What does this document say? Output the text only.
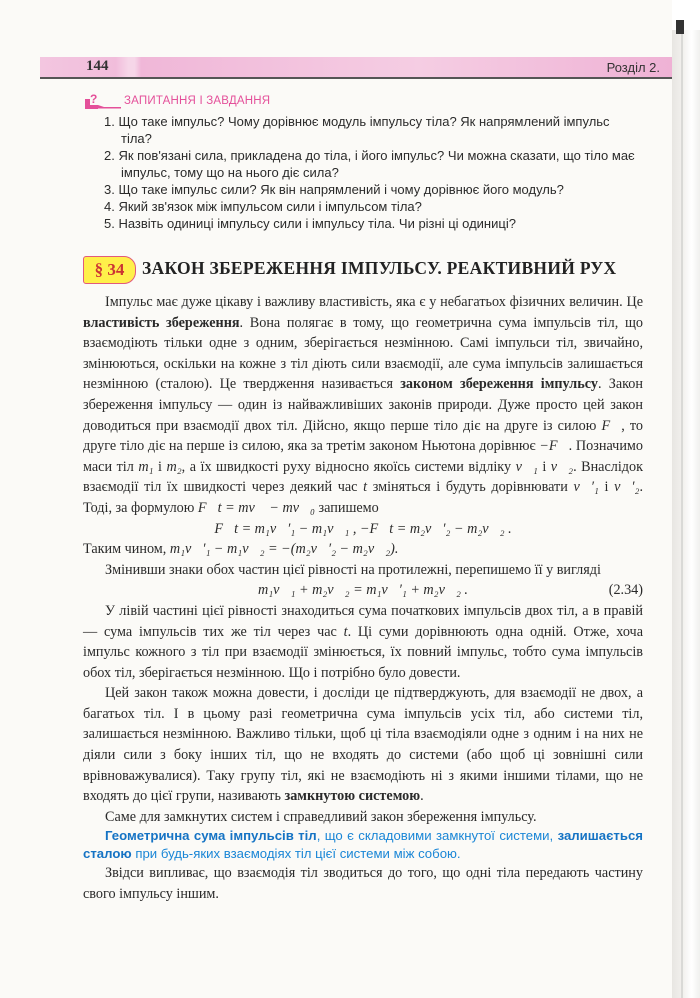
144	Розділ 2.
? ЗАПИТАННЯ І ЗАВДАННЯ
1. Що таке імпульс? Чому дорівнює модуль імпульсу тіла? Як напрямлений імпульс тіла?
2. Як пов'язані сила, прикладена до тіла, і його імпульс? Чи можна сказати, що тіло має імпульс, тому що на нього діє сила?
3. Що таке імпульс сили? Як він напрямлений і чому дорівнює його модуль?
4. Який зв'язок між імпульсом сили і імпульсом тіла?
5. Назвіть одиниці імпульсу сили і імпульсу тіла. Чи різні ці одиниці?
§ 34	ЗАКОН ЗБЕРЕЖЕННЯ ІМПУЛЬСУ. РЕАКТИВНИЙ РУХ

Імпульс має дуже цікаву і важливу властивість, яка є у небагатьох фізичних величин. Це властивість збереження. Вона полягає в тому, що геометрична сума імпульсів тіл, що взаємодіють тільки одне з одним, зберігається незмінною. Самі імпульси тіл, звичайно, змінюються, оскільки на кожне з тіл діють сили взаємодії, але сума імпульсів залишається незмінною (сталою). Це твердження називається законом збереження імпульсу. Закон збереження імпульсу — один із найважливіших законів природи. Дуже просто цей закон доводиться при взаємодії двох тіл. Дійсно, якщо перше тіло діє на друге із силою F⃗, то друге тіло діє на перше із силою, яка за третім законом Ньютона дорівнює −F⃗. Позначимо маси тіл m₁ і m₂, а їх швидкості руху відносно якоїсь системи відліку v⃗₁ і v⃗₂. Внаслідок взаємодії тіл їх швидкості через деякий час t зміняться і будуть дорівнювати v⃗′₁ і v⃗′₂. Тоді, за формулою F⃗t = mv⃗ − mv⃗₀ запишемо

F⃗t = m₁v⃗′₁ − m₁v⃗₁ , −F⃗t = m₂v⃗′₂ − m₂v⃗₂ .

Таким чином, m₁v⃗′₁ − m₁v⃗₂ = −(m₂v⃗′₂ − m₂v⃗₂).

Змінивши знаки обох частин цієї рівності на протилежні, перепишемо її у вигляді

m₁v⃗₁ + m₂v⃗₂ = m₁v⃗′₁ + m₂v⃗₂ .	(2.34)

У лівій частині цієї рівності знаходиться сума початкових імпульсів двох тіл, а в правій — сума імпульсів тих же тіл через час t. Ці суми дорівнюють одна одній. Отже, хоча імпульс кожного з тіл при взаємодії змінюється, їх повний імпульс, тобто сума імпульсів обох тіл, зберігається незмінною. Що і потрібно було довести.

Цей закон також можна довести, і досліди це підтверджують, для взаємодії не двох, а багатьох тіл. І в цьому разі геометрична сума імпульсів усіх тіл, або системи тіл, залишається незмінною. Важливо тільки, щоб ці тіла взаємодіяли одне з одним і на них не діяли сили з боку інших тіл, що не входять до системи (або щоб ці зовнішні сили врівноважувалися). Таку групу тіл, які не взаємодіють ні з якими іншими тілами, що не входять до цієї групи, називають замкнутою системою.

Саме для замкнутих систем і справедливий закон збереження імпульсу.

Геометрична сума імпульсів тіл, що є складовими замкнутої системи, залишається сталою при будь-яких взаємодіях тіл цієї системи між собою.

Звідси випливає, що взаємодія тіл зводиться до того, що одні тіла передають частину свого імпульсу іншим.
